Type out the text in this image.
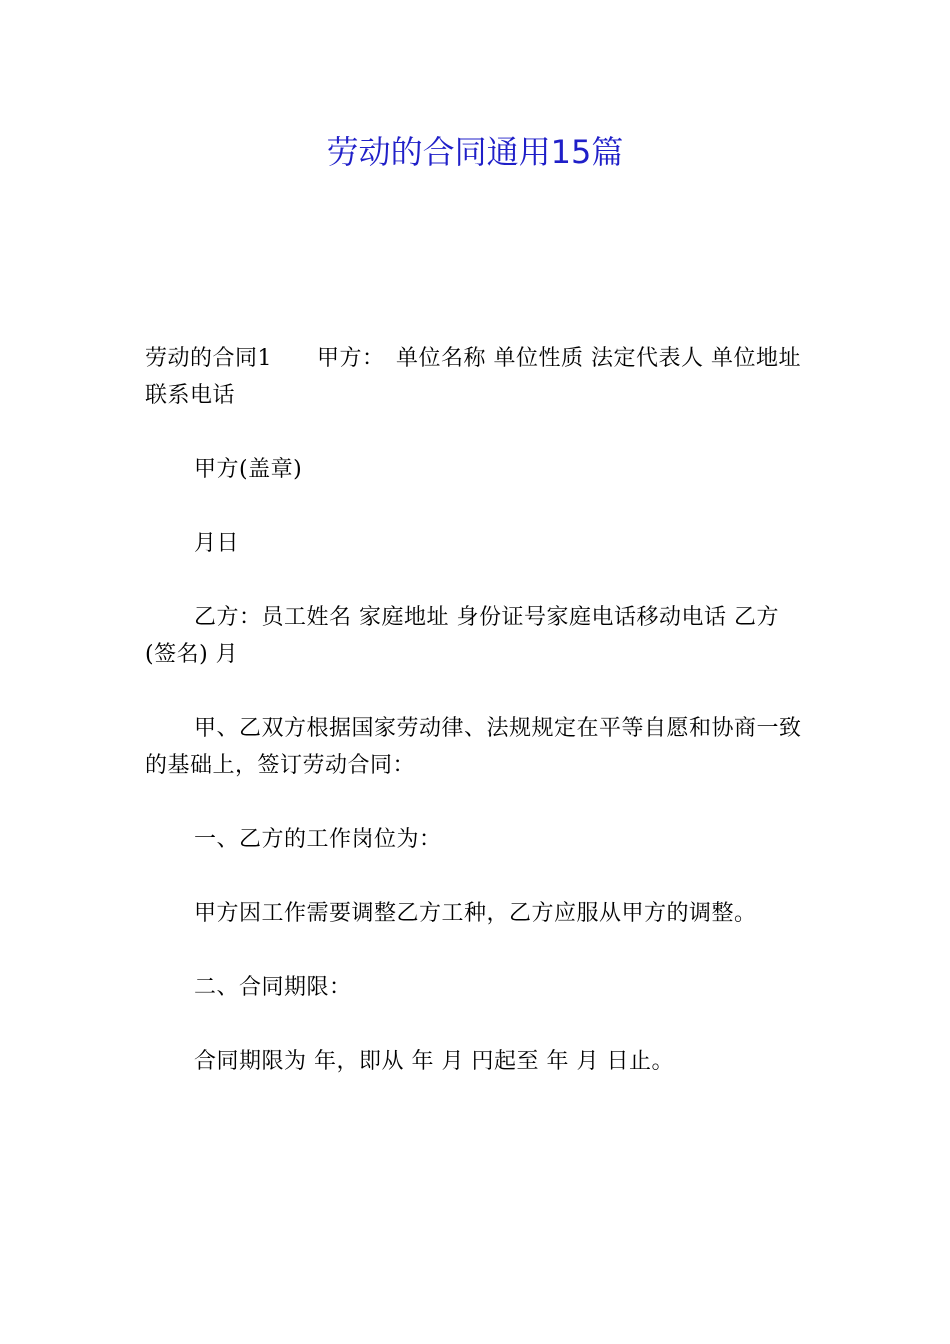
劳动的合同通用15篇

劳动的合同1　　甲方：　单位名称 单位性质 法定代表人 单位地址 联系电话

甲方(盖章)

月日

乙方：员工姓名 家庭地址 身份证号家庭电话移动电话 乙方(签名) 月

甲、乙双方根据国家劳动律、法规规定在平等自愿和协商一致的基础上，签订劳动合同：

一、乙方的工作岗位为：

甲方因工作需要调整乙方工种，乙方应服从甲方的调整。

二、合同期限：

合同期限为 年，即从 年 月 円起至 年 月 日止。
